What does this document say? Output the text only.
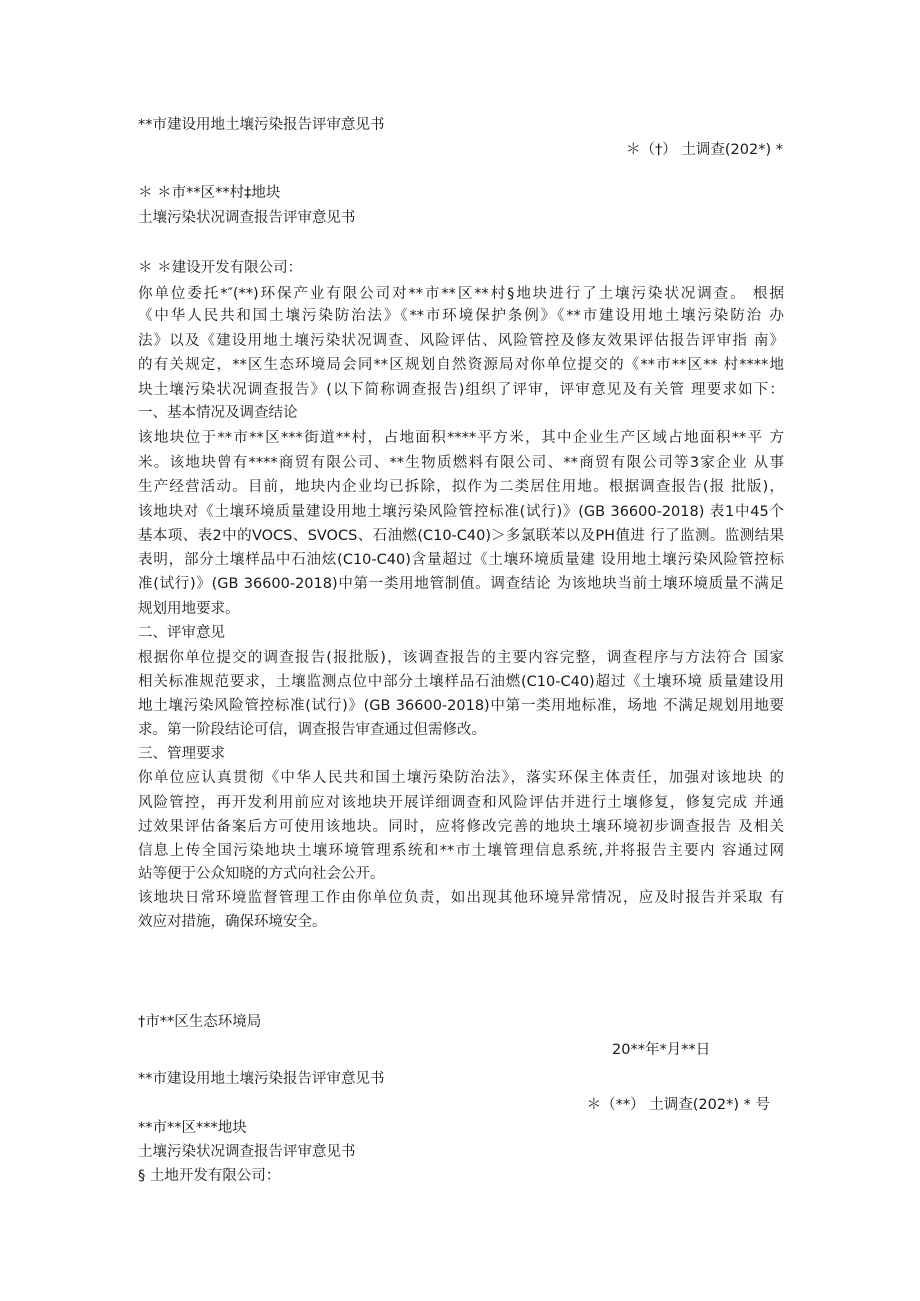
**市建设用地土壤污染报告评审意见书
＊（†） 土调查(202*) *
＊ ＊市**区**村‡地块
土壤污染状况调查报告评审意见书
＊ ＊建设开发有限公司：
你单位委托*″(**)环保产业有限公司对**市**区**村§地块进行了土壤污染状况调查。 根据
《中华人民共和国土壤污染防治法》《**市环境保护条例》《**市建设用地土壤污染防治 办
法》以及《建设用地土壤污染状况调查、风险评估、风险管控及修友效果评估报告评审指 南》
的有关规定，**区生态环境局会同**区规划自然资源局对你单位提交的《**市**区** 村****地
块土壤污染状况调查报告》(以下简称调查报告)组织了评审，评审意见及有关管 理要求如下：
一、基本情况及调查结论
该地块位于**市**区***街道**村，占地面积****平方米，其中企业生产区域占地面积**平 方
米。该地块曾有****商贸有限公司、**生物质燃料有限公司、**商贸有限公司等3家企业 从事
生产经营活动。目前，地块内企业均已拆除，拟作为二类居住用地。根据调查报告(报 批版)，
该地块对《土壤环境质量建设用地土壤污染风险管控标准(试行)》(GB 36600-2018) 表1中45个
基本项、表2中的VOCS、SVOCS、石油燃(C10-C40)＞多氯联苯以及PH值进 行了监测。监测结果
表明，部分土壤样品中石油炫(C10-C40)含量超过《土壤环境质量建 设用地土壤污染风险管控标
准(试行)》(GB 36600-2018)中第一类用地管制值。调查结论 为该地块当前土壤环境质量不满足
规划用地要求。
二、评审意见
根据你单位提交的调查报告(报批版)，该调查报告的主要内容完整，调查程序与方法符合 国家
相关标准规范要求，土壤监测点位中部分土壤样品石油燃(C10-C40)超过《土壤环境 质量建设用
地土壤污染风险管控标准(试行)》(GB 36600-2018)中第一类用地标准，场地 不满足规划用地要
求。第一阶段结论可信，调查报告审查通过但需修改。
三、管理要求
你单位应认真贯彻《中华人民共和国土壤污染防治法》，落实环保主体责任，加强对该地块 的
风险管控，再开发利用前应对该地块开展详细调查和风险评估并进行土壤修复，修复完成 并通
过效果评估备案后方可使用该地块。同时，应将修改完善的地块土壤环境初步调查报告 及相关
信息上传全国污染地块土壤环境管理系统和**市土壤管理信息系统,并将报告主要内 容通过网
站等便于公众知晓的方式向社会公开。
该地块日常环境监督管理工作由你单位负责，如出现其他环境异常情况，应及时报告并采取 有
效应对措施，确保环境安全。
†市**区生态环境局
20**年*月**日
**市建设用地土壤污染报告评审意见书
＊（**） 土调查(202*) * 号
**市**区***地块
土壤污染状况调查报告评审意见书
§ 土地开发有限公司：
